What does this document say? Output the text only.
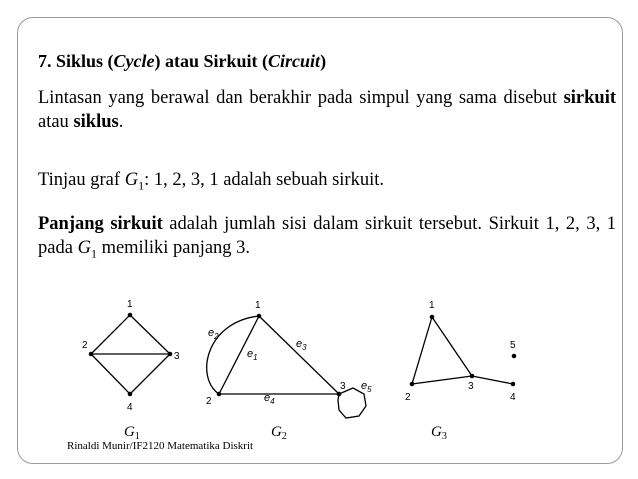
7. Siklus (Cycle) atau Sirkuit (Circuit)

Lintasan yang berawal dan berakhir pada simpul yang sama disebut sirkuit atau siklus.

Tinjau graf $G_1$: 1, 2, 3, 1 adalah sebuah sirkuit.

Panjang sirkuit adalah jumlah sisi dalam sirkuit tersebut. Sirkuit 1, 2, 3, 1 pada $G_1$ memiliki panjang 3.

1
2
3
4
$G_1$
1
2
3
$e_1$
$e_2$
$e_3$
$e_4$
$e_5$
$G_2$
1
2
3
4
5
$G_3$
Rinaldi Munir/IF2120 Matematika Diskrit
